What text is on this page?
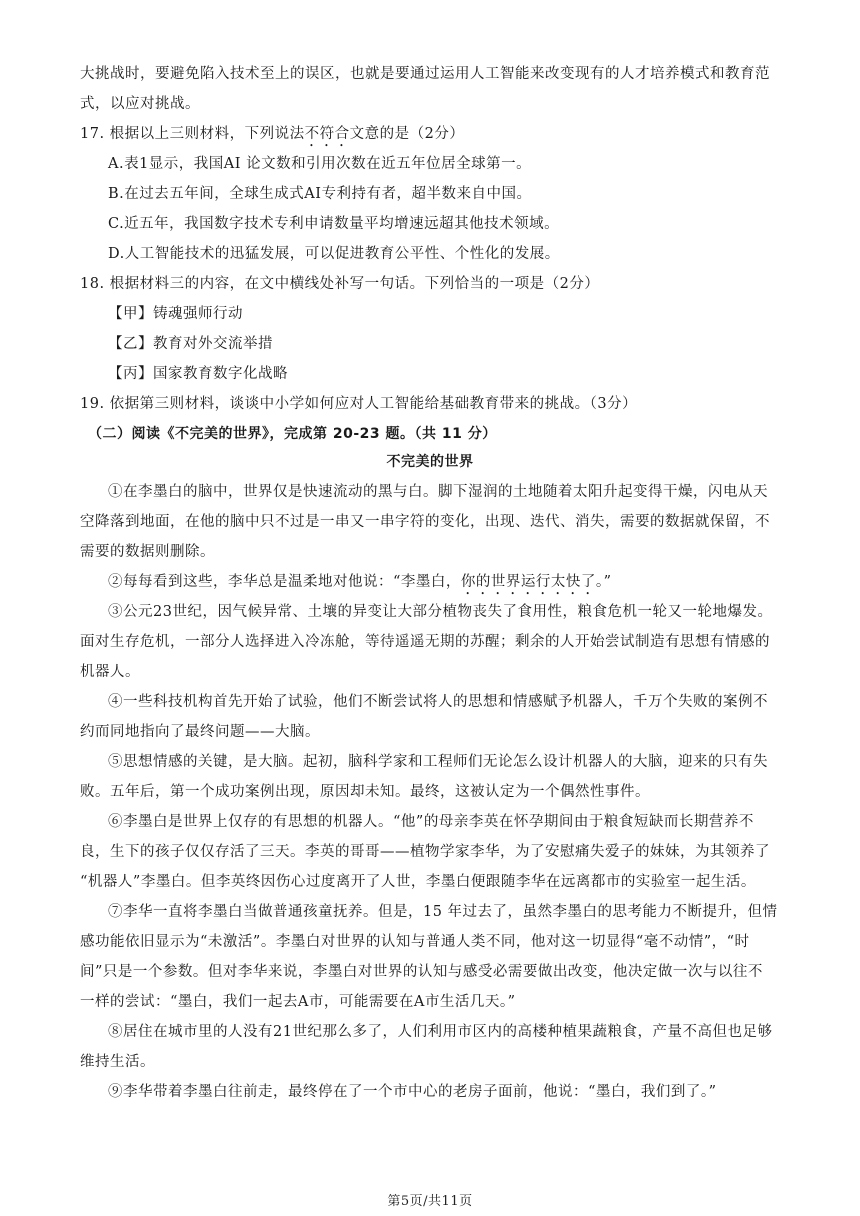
大挑战时，要避免陷入技术至上的误区，也就是要通过运用人工智能来改变现有的人才培养模式和教育范
式，以应对挑战。
17. 根据以上三则材料，下列说法不符合文意的是（2分）
A.表1显示，我国AI 论文数和引用次数在近五年位居全球第一。
B.在过去五年间，全球生成式AI专利持有者，超半数来自中国。
C.近五年，我国数字技术专利申请数量平均增速远超其他技术领域。
D.人工智能技术的迅猛发展，可以促进教育公平性、个性化的发展。
18. 根据材料三的内容，在文中横线处补写一句话。下列恰当的一项是（2分）
【甲】铸魂强师行动
【乙】教育对外交流举措
【丙】国家教育数字化战略
19. 依据第三则材料，谈谈中小学如何应对人工智能给基础教育带来的挑战。（3分）
（二）阅读《不完美的世界》，完成第 20-23 题。（共 11 分）
不完美的世界
①在李墨白的脑中，世界仅是快速流动的黑与白。脚下湿润的土地随着太阳升起变得干燥，闪电从天
空降落到地面，在他的脑中只不过是一串又一串字符的变化，出现、迭代、消失，需要的数据就保留，不
需要的数据则删除。
②每每看到这些，李华总是温柔地对他说：“李墨白，你的世界运行太快了。”
③公元23世纪，因气候异常、土壤的异变让大部分植物丧失了食用性，粮食危机一轮又一轮地爆发。
面对生存危机，一部分人选择进入冷冻舱，等待遥遥无期的苏醒；剩余的人开始尝试制造有思想有情感的
机器人。
④一些科技机构首先开始了试验，他们不断尝试将人的思想和情感赋予机器人，千万个失败的案例不
约而同地指向了最终问题——大脑。
⑤思想情感的关键，是大脑。起初，脑科学家和工程师们无论怎么设计机器人的大脑，迎来的只有失
败。五年后，第一个成功案例出现，原因却未知。最终，这被认定为一个偶然性事件。
⑥李墨白是世界上仅存的有思想的机器人。“他”的母亲李英在怀孕期间由于粮食短缺而长期营养不
良，生下的孩子仅仅存活了三天。李英的哥哥——植物学家李华，为了安慰痛失爱子的妹妹，为其领养了
“机器人”李墨白。但李英终因伤心过度离开了人世，李墨白便跟随李华在远离都市的实验室一起生活。
⑦李华一直将李墨白当做普通孩童抚养。但是，15 年过去了，虽然李墨白的思考能力不断提升，但情
感功能依旧显示为“未激活”。李墨白对世界的认知与普通人类不同，他对这一切显得“毫不动情”，“时
间”只是一个参数。但对李华来说，李墨白对世界的认知与感受必需要做出改变，他决定做一次与以往不
一样的尝试：“墨白，我们一起去A市，可能需要在A市生活几天。”
⑧居住在城市里的人没有21世纪那么多了，人们利用市区内的高楼种植果蔬粮食，产量不高但也足够
维持生活。
⑨李华带着李墨白往前走，最终停在了一个市中心的老房子面前，他说：“墨白，我们到了。”
第5页/共11页
